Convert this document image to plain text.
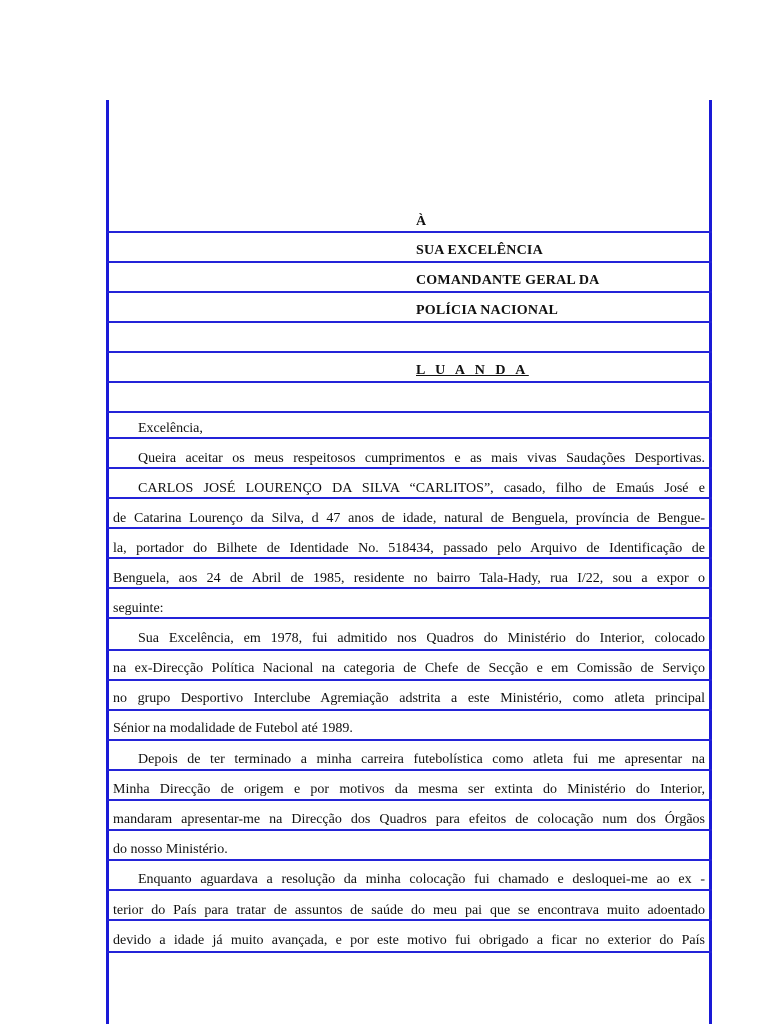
À
SUA EXCELÊNCIA
COMANDANTE GERAL DA
POLÍCIA NACIONAL
L U A N D A
Excelência,
Queira aceitar os meus respeitosos cumprimentos e as mais vivas Saudações Desportivas.
CARLOS JOSÉ LOURENÇO DA SILVA “CARLITOS”, casado, filho de Emaús José e
de Catarina Lourenço da Silva, d 47 anos de idade, natural de Benguela, província de Bengue-
la, portador do Bilhete de Identidade No. 518434, passado pelo Arquivo de Identificação de
Benguela, aos 24 de Abril de 1985, residente no bairro Tala-Hady, rua I/22, sou a expor o
seguinte:
Sua Excelência, em 1978, fui admitido nos Quadros do Ministério do Interior, colocado
na ex-Direcção Política Nacional na categoria de Chefe de Secção e em Comissão de Serviço
no grupo Desportivo Interclube Agremiação adstrita a este Ministério, como atleta principal
Sénior na modalidade de Futebol até 1989.
Depois de ter terminado a minha carreira futebolística como atleta fui me apresentar na
Minha Direcção de origem e por motivos da mesma ser extinta do Ministério do Interior,
mandaram apresentar-me na Direcção dos Quadros para efeitos de colocação num dos Órgãos
do nosso Ministério.
Enquanto aguardava a resolução da minha colocação fui chamado e desloquei-me ao ex -
terior do País para tratar de assuntos de saúde do meu pai que se encontrava muito adoentado
devido a idade já muito avançada, e por este motivo fui obrigado a ficar no exterior do País
